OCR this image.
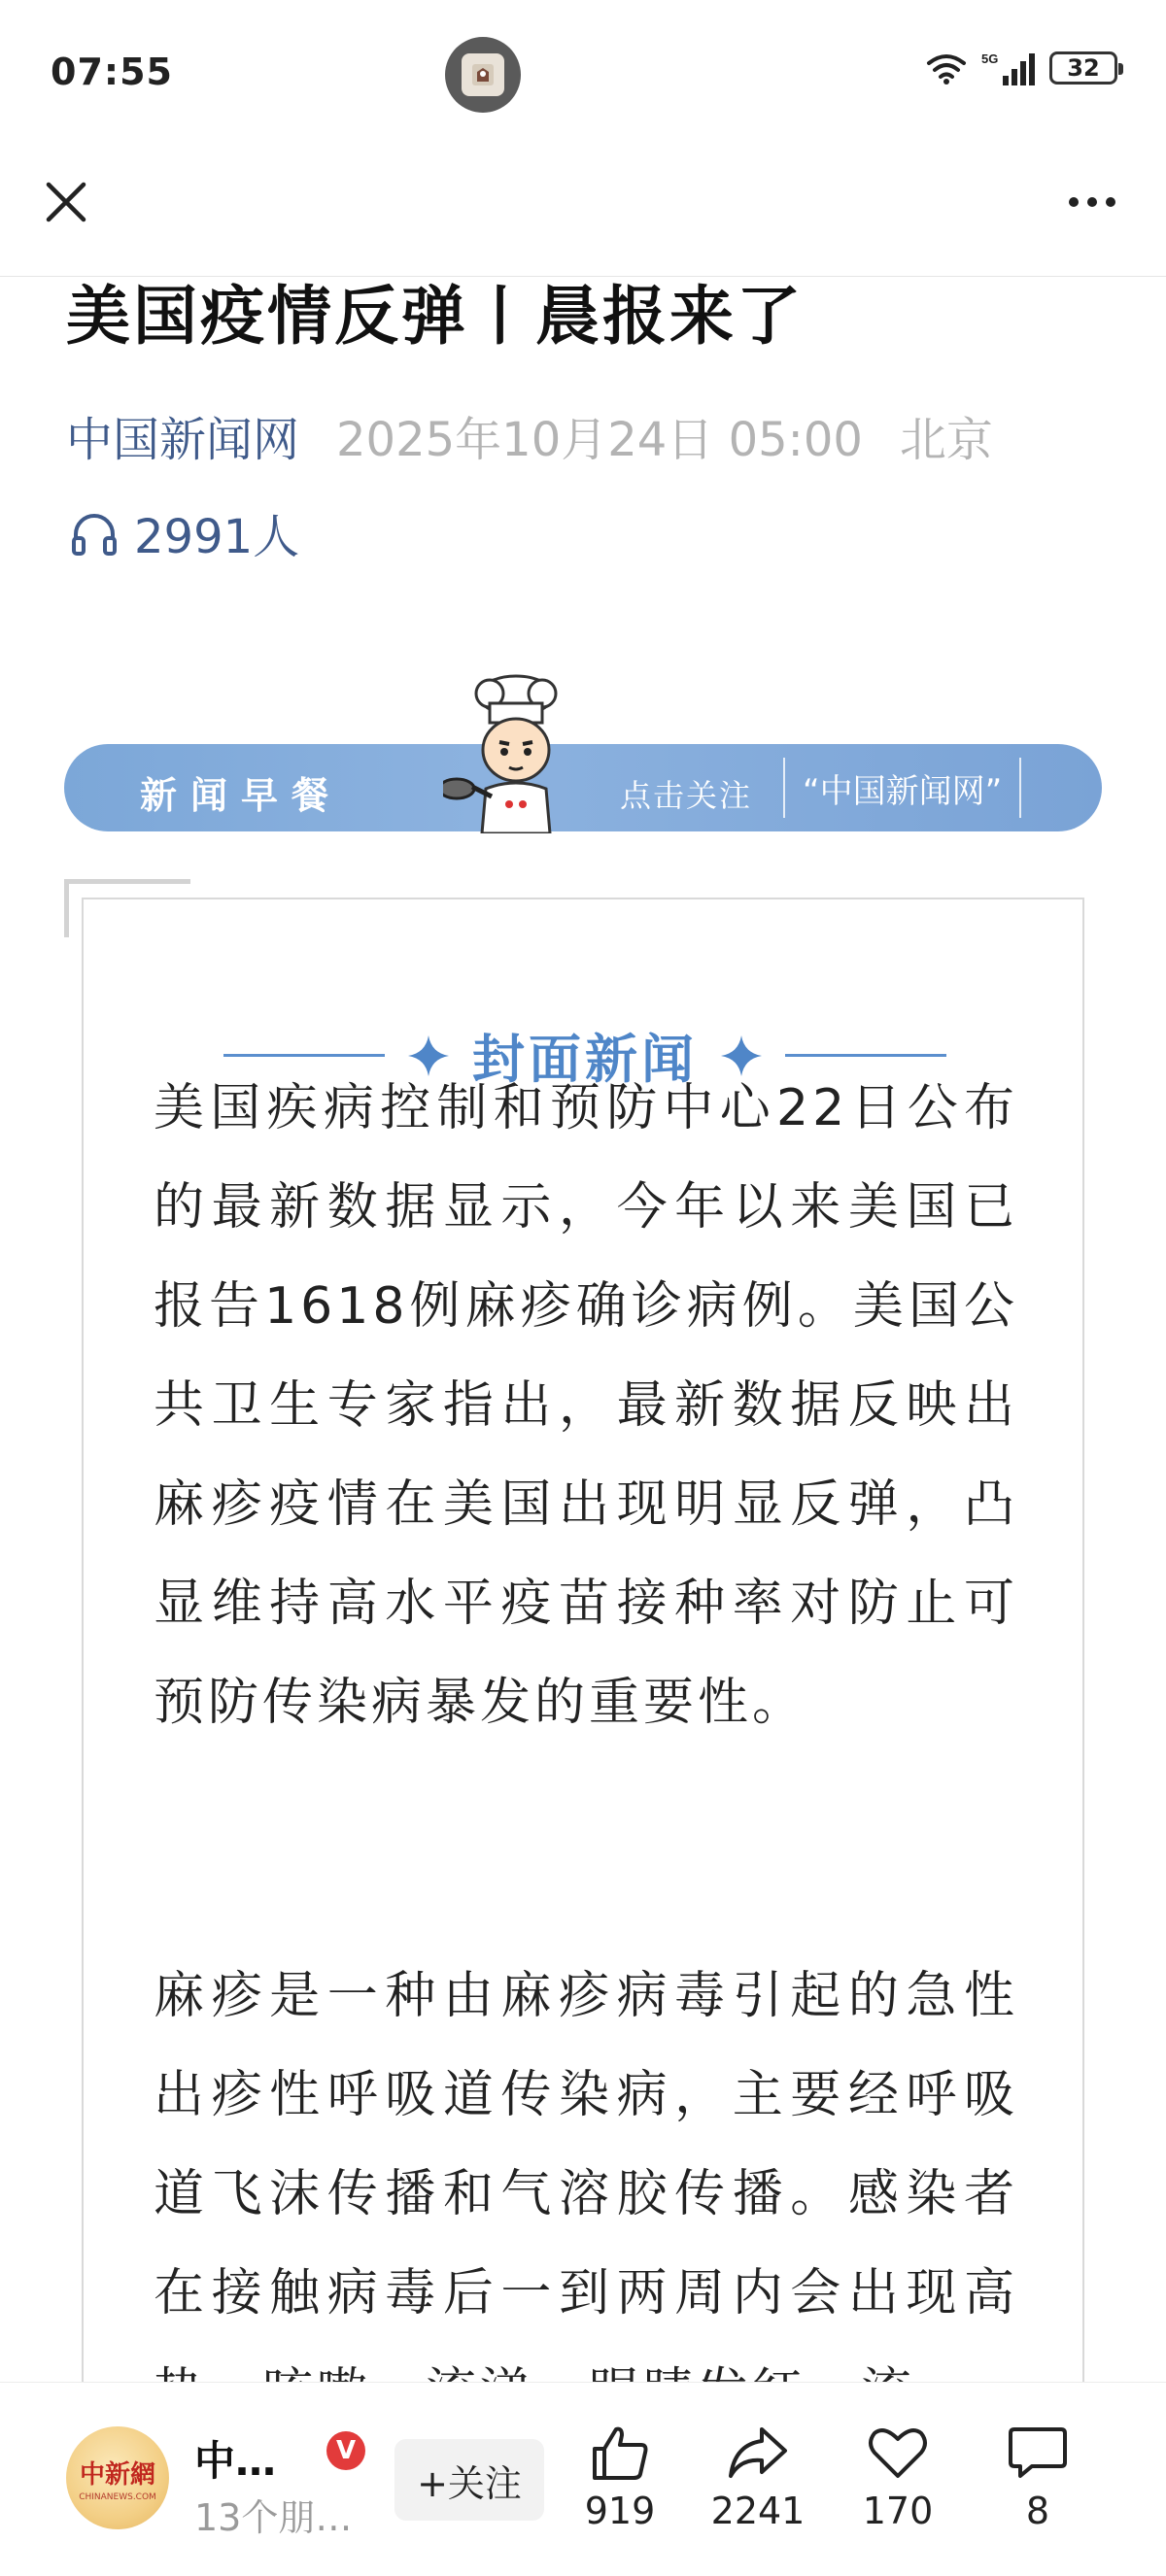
07:55	5G	32
美国疫情反弹丨晨报来了
中国新闻网 2025年10月24日 05:00 北京
2991人
新闻早餐	点击关注	“中国新闻网”
封面新闻

美国疾病控制和预防中心22日公布的最新数据显示，今年以来美国已报告1618例麻疹确诊病例。美国公共卫生专家指出，最新数据反映出麻疹疫情在美国出现明显反弹，凸显维持高水平疫苗接种率对防止可预防传染病暴发的重要性。

麻疹是一种由麻疹病毒引起的急性出疹性呼吸道传染病，主要经呼吸道飞沫传播和气溶胶传播。感染者在接触病毒后一到两周内会出现高

中新網
CHINANEWS.COM
中…	V
13个朋…
+关注
919 2241 170	8
